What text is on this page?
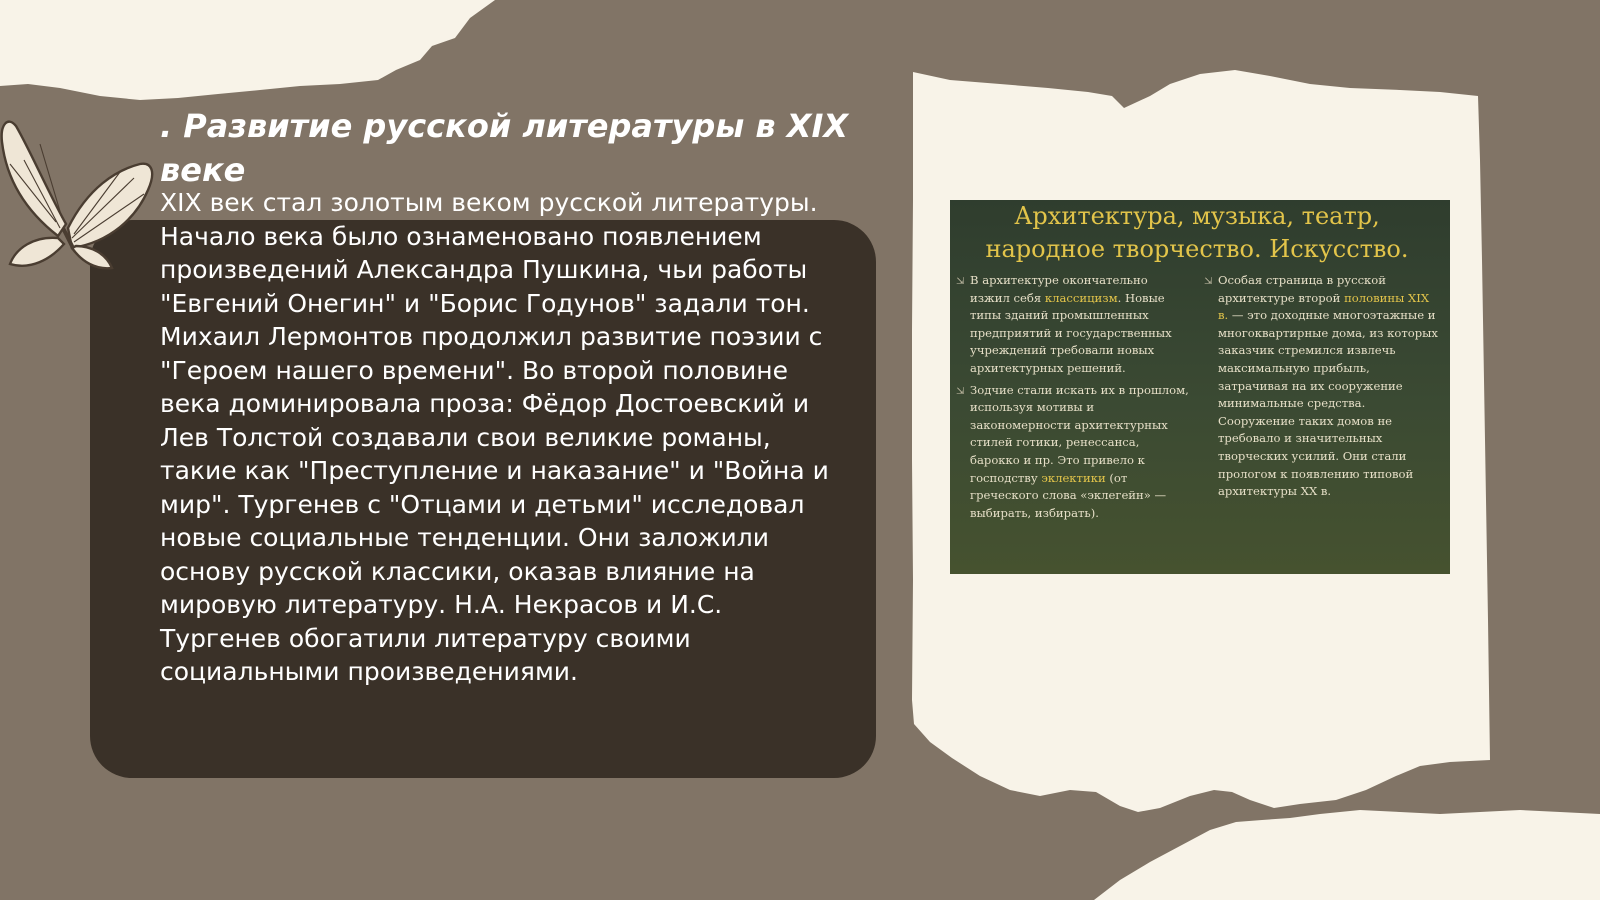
. Развитие русской литературы в XIX веке

XIX век стал золотым веком русской литературы. Начало века было ознаменовано появлением произведений Александра Пушкина, чьи работы "Евгений Онегин" и "Борис Годунов" задали тон. Михаил Лермонтов продолжил развитие поэзии с "Героем нашего времени". Во второй половине века доминировала проза: Фёдор Достоевский и Лев Толстой создавали свои великие романы, такие как "Преступление и наказание" и "Война и мир". Тургенев с "Отцами и детьми" исследовал новые социальные тенденции. Они заложили основу русской классики, оказав влияние на мировую литературу. Н.А. Некрасов и И.С. Тургенев обогатили литературу своими социальными произведениями.

Архитектура, музыка, театр, народное творчество. Искусство.

⇲ В архитектуре окончательно изжил себя классицизм. Новые типы зданий промышленных предприятий и государственных учреждений требовали новых архитектурных решений.

⇲ Зодчие стали искать их в прошлом, используя мотивы и закономерности архитектурных стилей готики, ренессанса, барокко и пр. Это привело к господству эклектики (от греческого слова «эклегейн» — выбирать, избирать).

⇲ Особая страница в русской архитектуре второй половины XIX в. — это доходные многоэтажные и многоквартирные дома, из которых заказчик стремился извлечь максимальную прибыль, затрачивая на их сооружение минимальные средства. Сооружение таких домов не требовало и значительных творческих усилий. Они стали прологом к появлению типовой архитектуры XX в.
